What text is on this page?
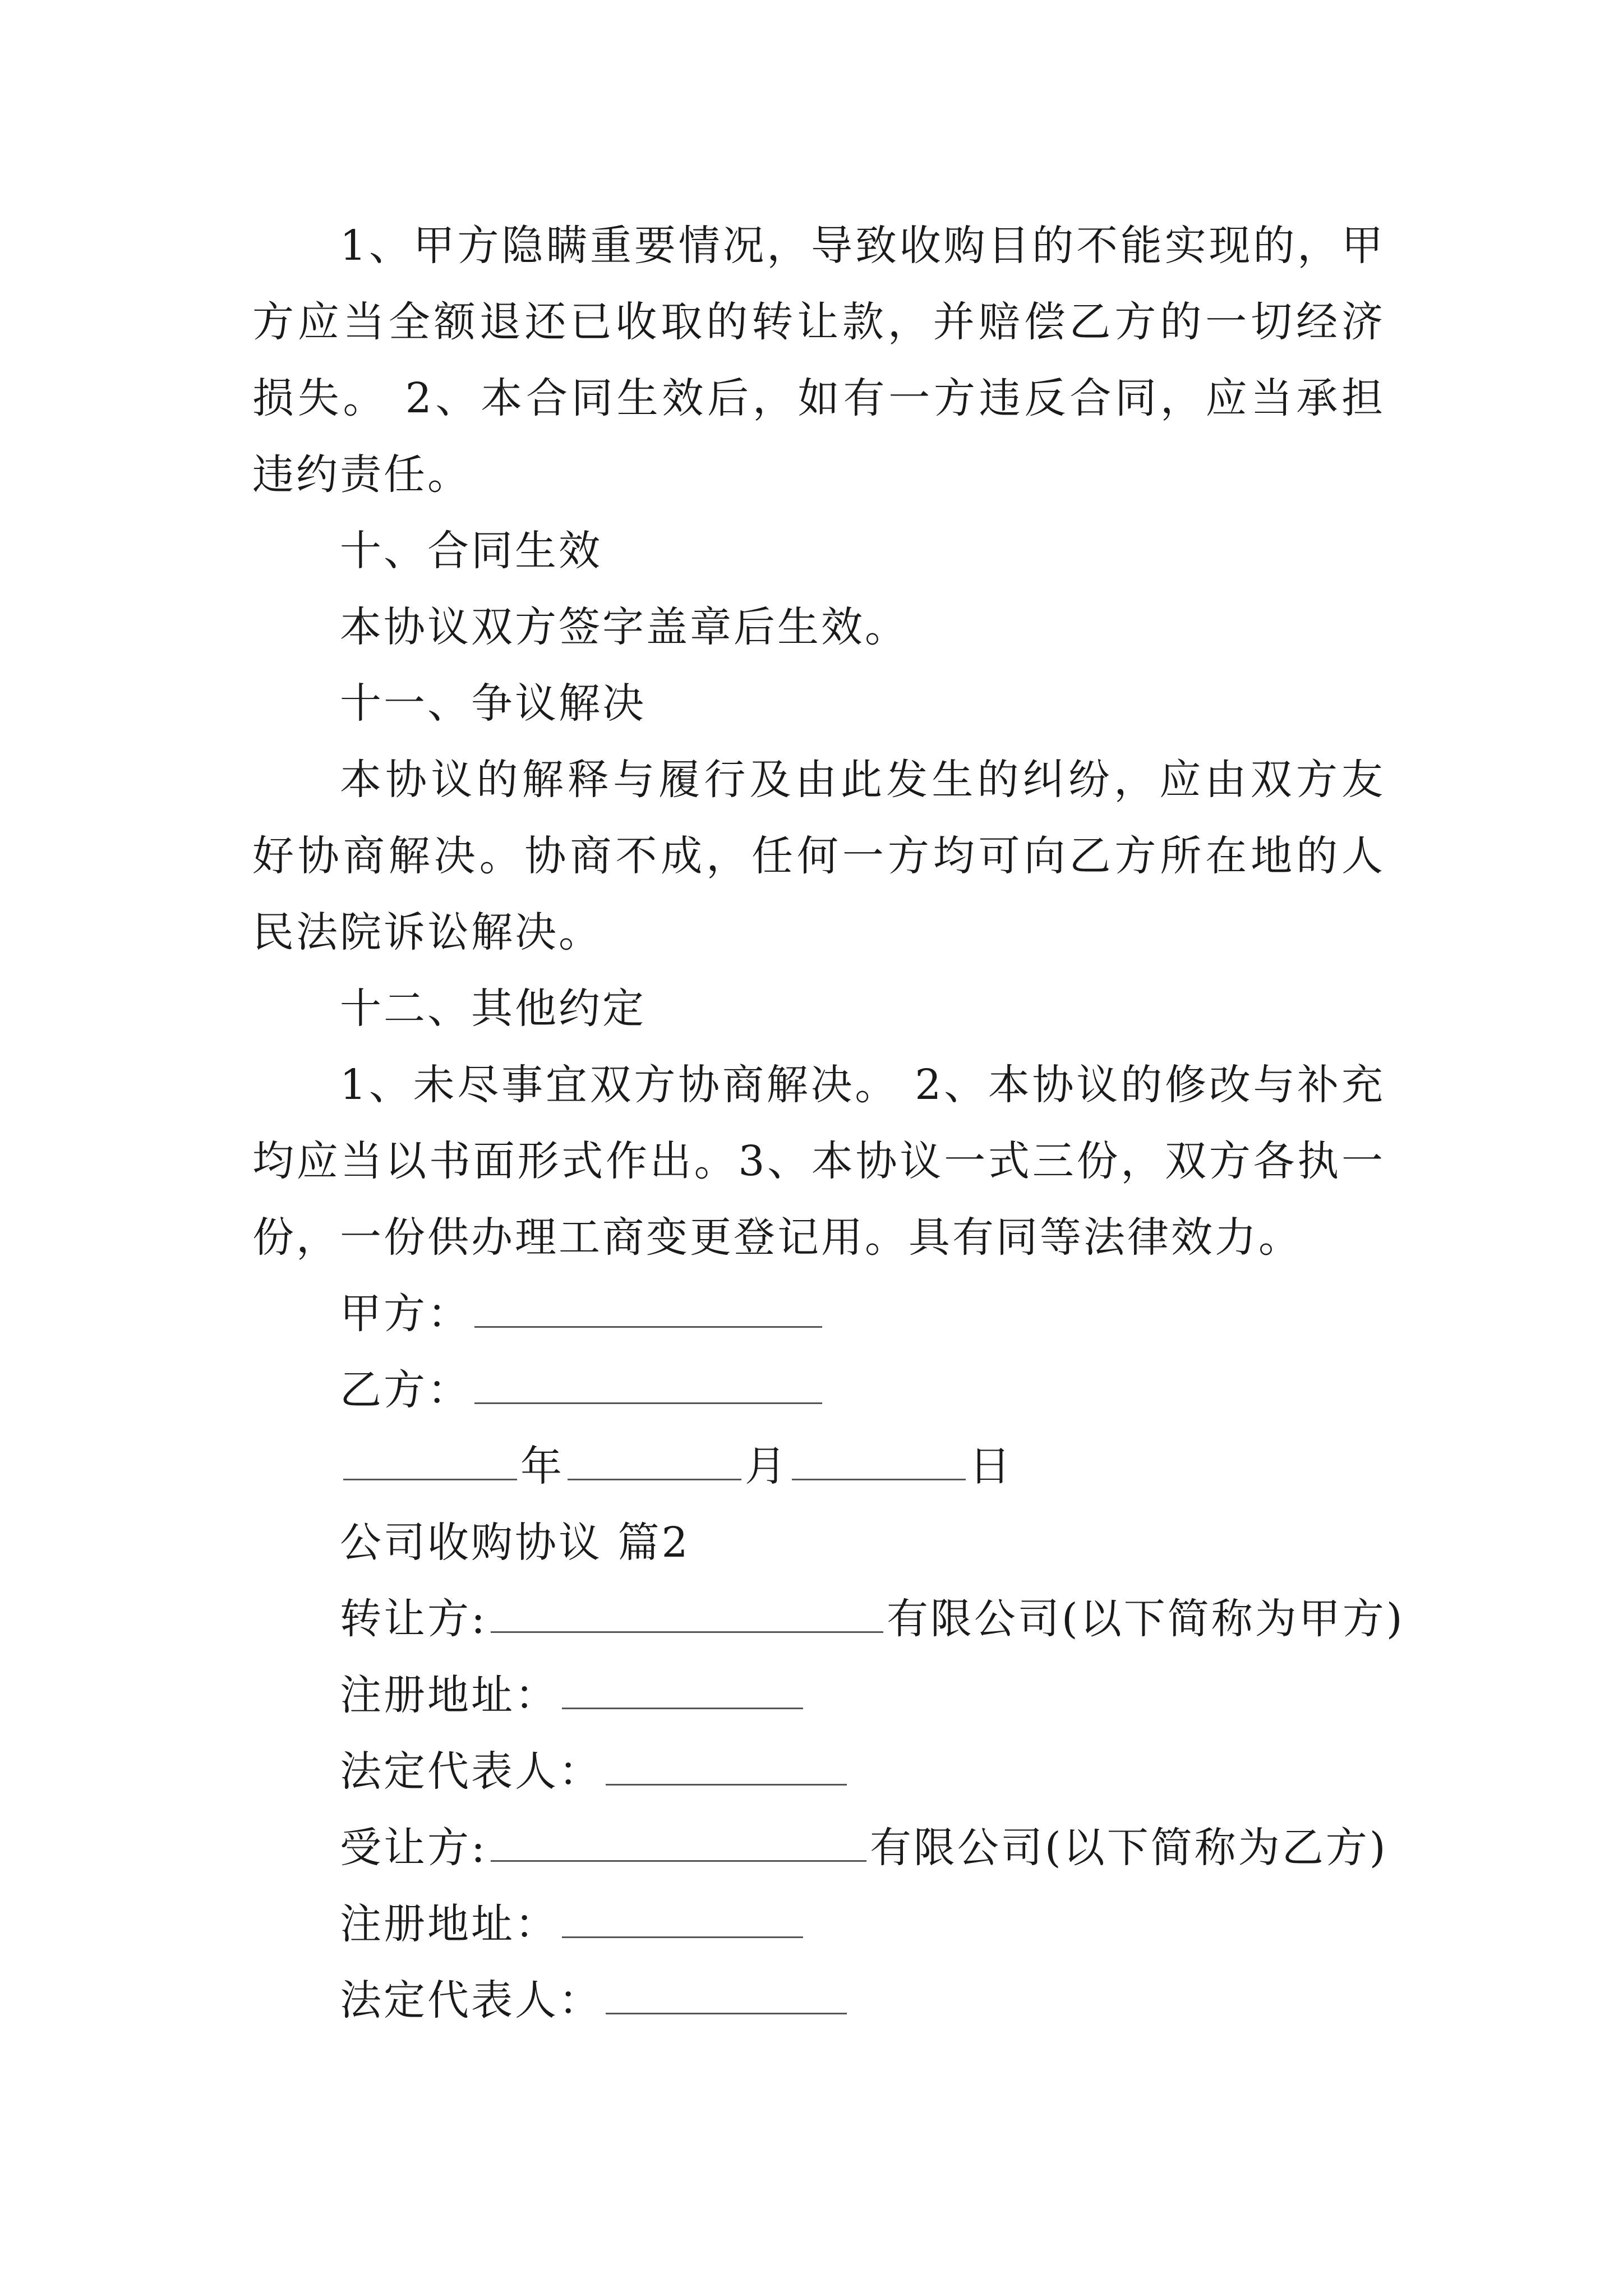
1、甲方隐瞒重要情况，导致收购目的不能实现的，甲方应当全额退还已收取的转让款，并赔偿乙方的一切经济损失。 2、本合同生效后，如有一方违反合同，应当承担违约责任。

十、合同生效

本协议双方签字盖章后生效。

十一、争议解决

本协议的解释与履行及由此发生的纠纷，应由双方友好协商解决。协商不成，任何一方均可向乙方所在地的人民法院诉讼解决。

十二、其他约定

1、未尽事宜双方协商解决。 2、本协议的修改与补充均应当以书面形式作出。3、本协议一式三份，双方各执一份，一份供办理工商变更登记用。具有同等法律效力。

甲方：
乙方：
年	月	日

公司收购协议 篇2

转让方:	有限公司(以下简称为甲方)
注册地址：
法定代表人：
受让方:	有限公司(以下简称为乙方)
注册地址：
法定代表人：
